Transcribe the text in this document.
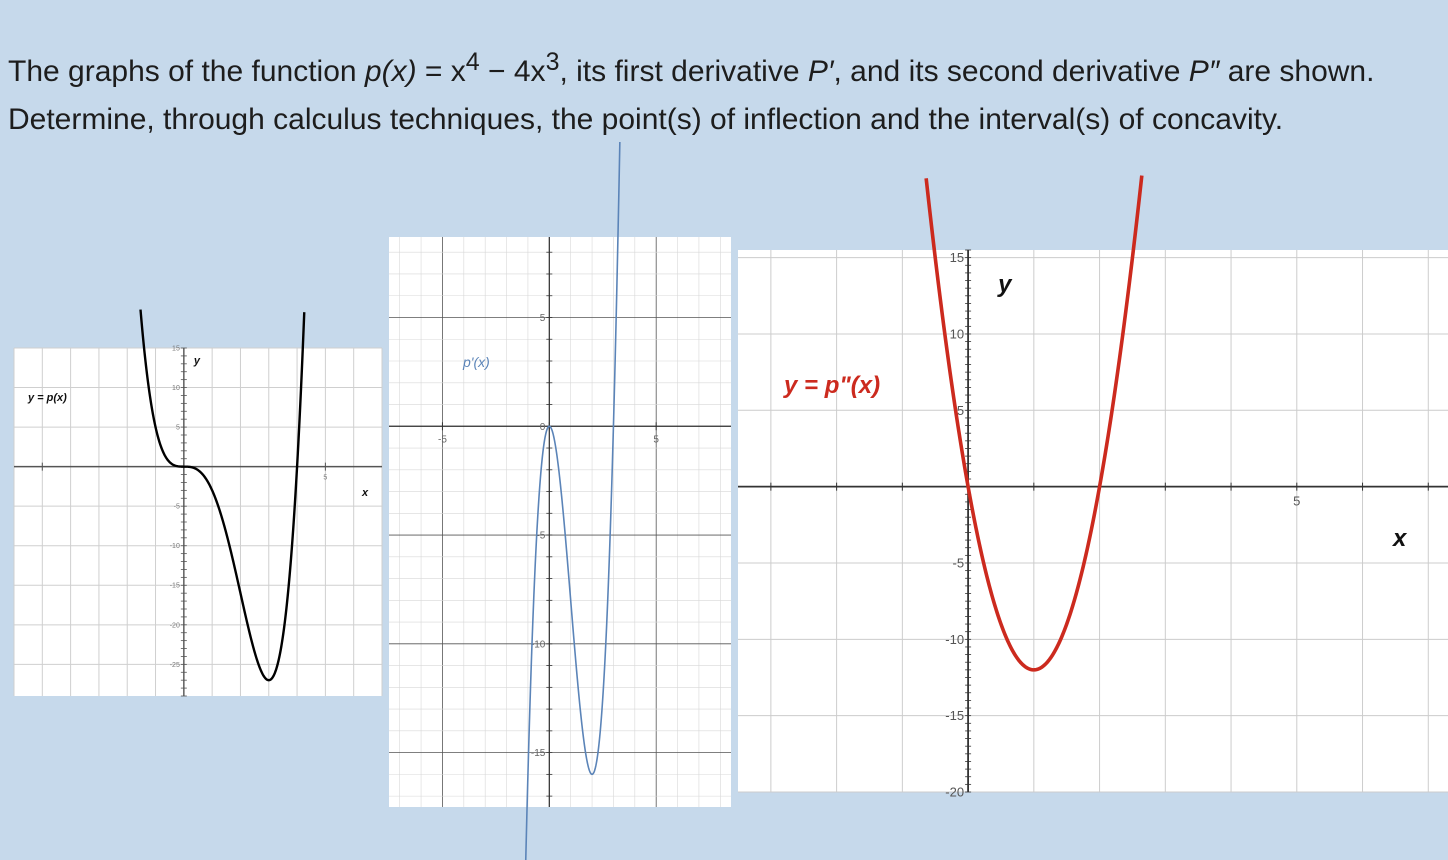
The graphs of the function $p(x) = x^4 - 4x^3$, its first derivative P′, and its second derivative P″ are shown. Determine, through calculus techniques, the point(s) of inflection and the interval(s) of concavity.
15
10
5
-5
-10
-15
-20
-25
5
y = p(x)
x
y
5
0
-5
-10
-15
-5	5
p'(x)
15
10
5
-5
-10
-15
-20
5
y = p"(x)
x
y
